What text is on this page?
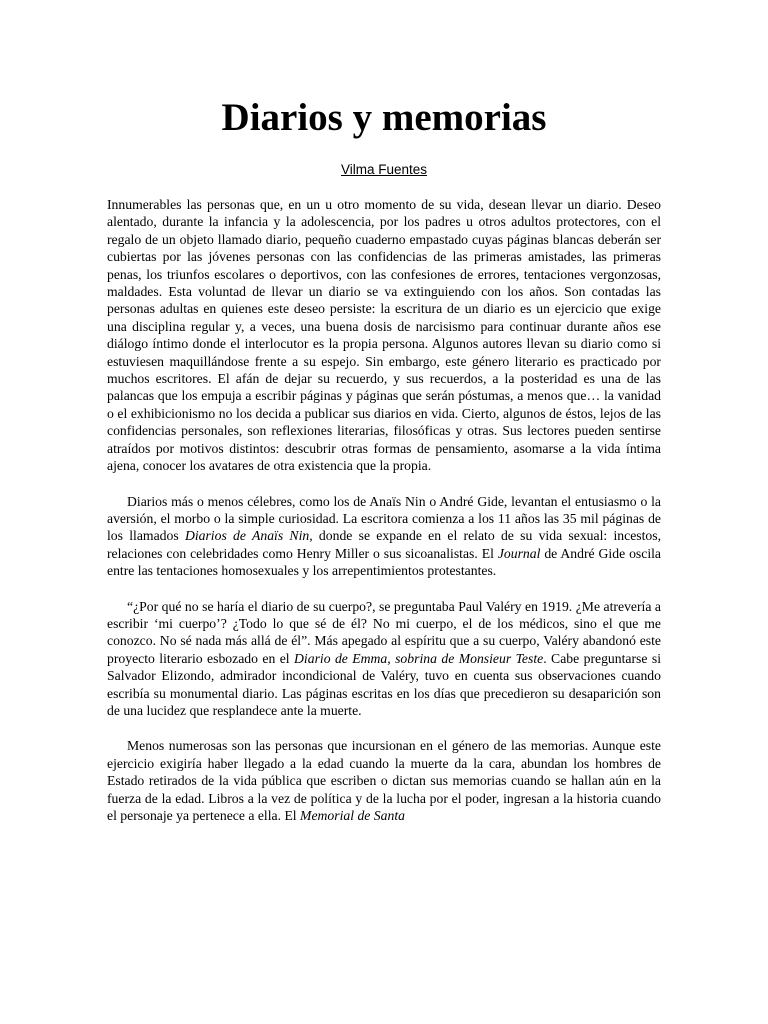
Diarios y memorias
Vilma Fuentes

Innumerables las personas que, en un u otro momento de su vida, desean llevar un diario. Deseo alentado, durante la infancia y la adolescencia, por los padres u otros adultos protectores, con el regalo de un objeto llamado diario, pequeño cuaderno empastado cuyas páginas blancas deberán ser cubiertas por las jóvenes personas con las confidencias de las primeras amistades, las primeras penas, los triunfos escolares o deportivos, con las confesiones de errores, tentaciones vergonzosas, maldades. Esta voluntad de llevar un diario se va extinguiendo con los años. Son contadas las personas adultas en quienes este deseo persiste: la escritura de un diario es un ejercicio que exige una disciplina regular y, a veces, una buena dosis de narcisismo para continuar durante años ese diálogo íntimo donde el interlocutor es la propia persona. Algunos autores llevan su diario como si estuviesen maquillándose frente a su espejo. Sin embargo, este género literario es practicado por muchos escritores. El afán de dejar su recuerdo, y sus recuerdos, a la posteridad es una de las palancas que los empuja a escribir páginas y páginas que serán póstumas, a menos que… la vanidad o el exhibicionismo no los decida a publicar sus diarios en vida. Cierto, algunos de éstos, lejos de las confidencias personales, son reflexiones literarias, filosóficas y otras. Sus lectores pueden sentirse atraídos por motivos distintos: descubrir otras formas de pensamiento, asomarse a la vida íntima ajena, conocer los avatares de otra existencia que la propia.

Diarios más o menos célebres, como los de Anaïs Nin o André Gide, levantan el entusiasmo o la aversión, el morbo o la simple curiosidad. La escritora comienza a los 11 años las 35 mil páginas de los llamados Diarios de Anaïs Nin, donde se expande en el relato de su vida sexual: incestos, relaciones con celebridades como Henry Miller o sus sicoanalistas. El Journal de André Gide oscila entre las tentaciones homosexuales y los arrepentimientos protestantes.

“¿Por qué no se haría el diario de su cuerpo?, se preguntaba Paul Valéry en 1919. ¿Me atrevería a escribir ‘mi cuerpo’? ¿Todo lo que sé de él? No mi cuerpo, el de los médicos, sino el que me conozco. No sé nada más allá de él”. Más apegado al espíritu que a su cuerpo, Valéry abandonó este proyecto literario esbozado en el Diario de Emma, sobrina de Monsieur Teste. Cabe preguntarse si Salvador Elizondo, admirador incondicional de Valéry, tuvo en cuenta sus observaciones cuando escribía su monumental diario. Las páginas escritas en los días que precedieron su desaparición son de una lucidez que resplandece ante la muerte.

Menos numerosas son las personas que incursionan en el género de las memorias. Aunque este ejercicio exigiría haber llegado a la edad cuando la muerte da la cara, abundan los hombres de Estado retirados de la vida pública que escriben o dictan sus memorias cuando se hallan aún en la fuerza de la edad. Libros a la vez de política y de la lucha por el poder, ingresan a la historia cuando el personaje ya pertenece a ella. El Memorial de Santa
